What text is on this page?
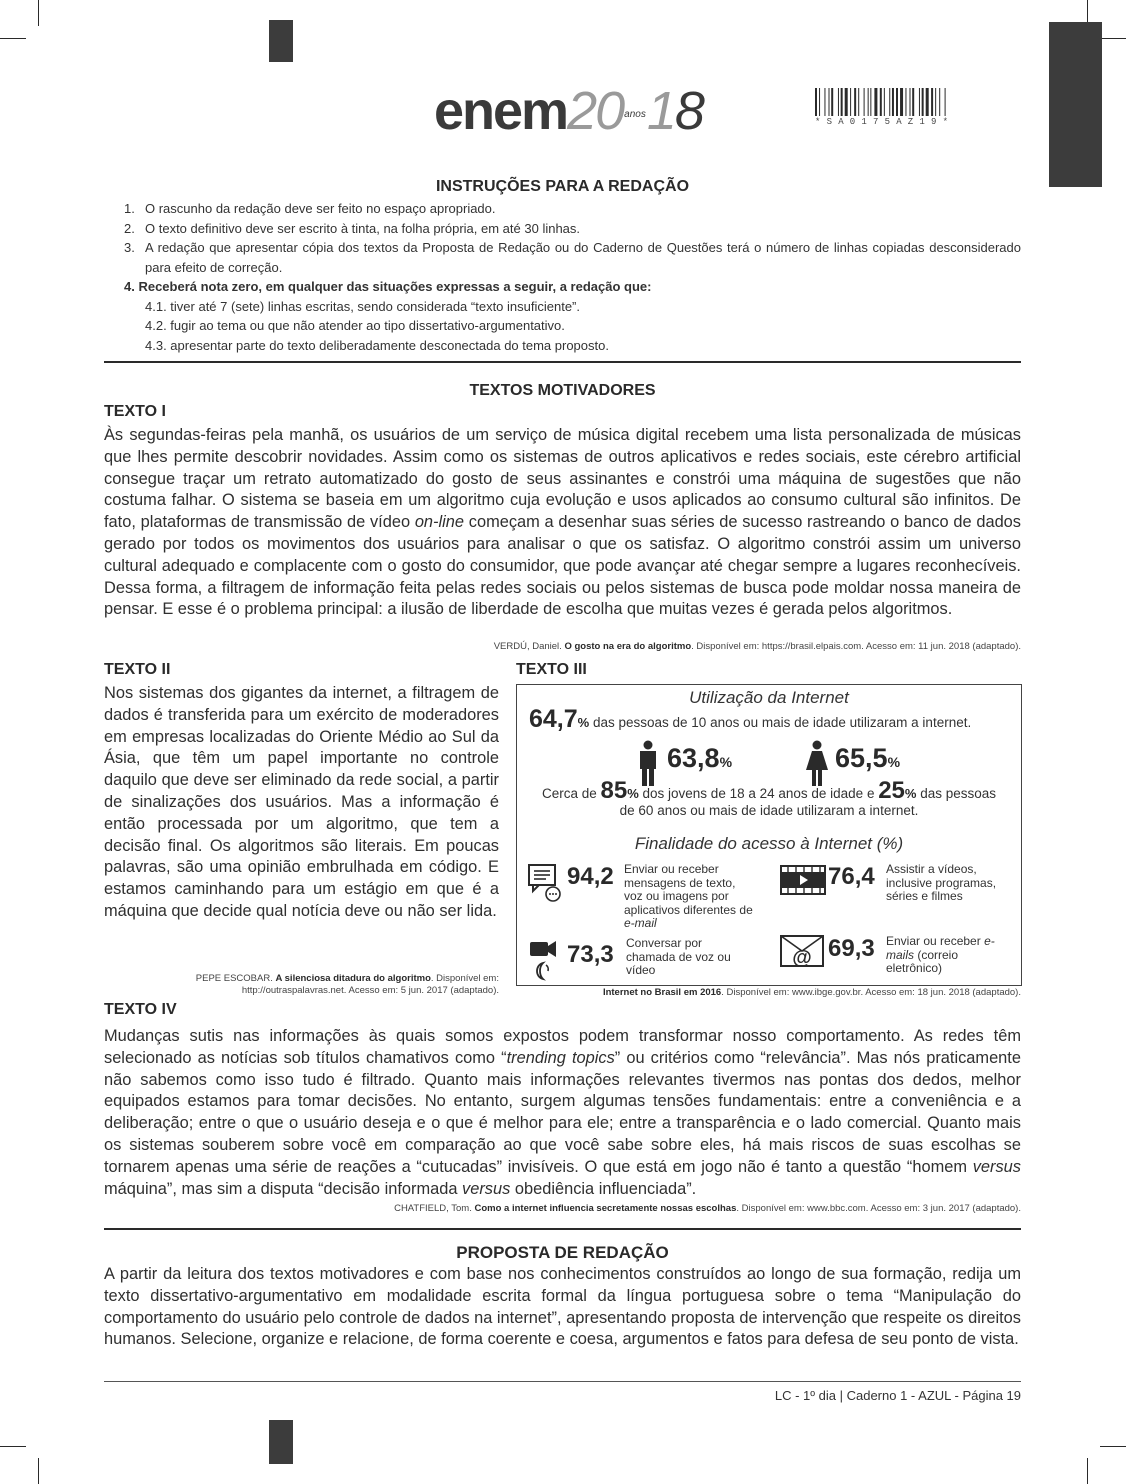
enem20anos18	*SA0175AZ19*
INSTRUÇÕES PARA A REDAÇÃO
1. O rascunho da redação deve ser feito no espaço apropriado.
2. O texto definitivo deve ser escrito à tinta, na folha própria, em até 30 linhas.
3. A redação que apresentar cópia dos textos da Proposta de Redação ou do Caderno de Questões terá o número de linhas copiadas desconsiderado para efeito de correção.
4. Receberá nota zero, em qualquer das situações expressas a seguir, a redação que:
4.1. tiver até 7 (sete) linhas escritas, sendo considerada “texto insuficiente”.
4.2. fugir ao tema ou que não atender ao tipo dissertativo-argumentativo.
4.3. apresentar parte do texto deliberadamente desconectada do tema proposto.
TEXTOS MOTIVADORES
TEXTO I
Às segundas-feiras pela manhã, os usuários de um serviço de música digital recebem uma lista personalizada de músicas que lhes permite descobrir novidades. Assim como os sistemas de outros aplicativos e redes sociais, este cérebro artificial consegue traçar um retrato automatizado do gosto de seus assinantes e constrói uma máquina de sugestões que não costuma falhar. O sistema se baseia em um algoritmo cuja evolução e usos aplicados ao consumo cultural são infinitos. De fato, plataformas de transmissão de vídeo on-line começam a desenhar suas séries de sucesso rastreando o banco de dados gerado por todos os movimentos dos usuários para analisar o que os satisfaz. O algoritmo constrói assim um universo cultural adequado e complacente com o gosto do consumidor, que pode avançar até chegar sempre a lugares reconhecíveis. Dessa forma, a filtragem de informação feita pelas redes sociais ou pelos sistemas de busca pode moldar nossa maneira de pensar. E esse é o problema principal: a ilusão de liberdade de escolha que muitas vezes é gerada pelos algoritmos.
VERDÚ, Daniel. O gosto na era do algoritmo. Disponível em: https://brasil.elpais.com. Acesso em: 11 jun. 2018 (adaptado).
TEXTO II
Nos sistemas dos gigantes da internet, a filtragem de dados é transferida para um exército de moderadores em empresas localizadas do Oriente Médio ao Sul da Ásia, que têm um papel importante no controle daquilo que deve ser eliminado da rede social, a partir de sinalizações dos usuários. Mas a informação é então processada por um algoritmo, que tem a decisão final. Os algoritmos são literais. Em poucas palavras, são uma opinião embrulhada em código. E estamos caminhando para um estágio em que é a máquina que decide qual notícia deve ou não ser lida.
PEPE ESCOBAR. A silenciosa ditadura do algoritmo. Disponível em:
http://outraspalavras.net. Acesso em: 5 jun. 2017 (adaptado).
TEXTO III
Utilização da Internet
64,7% das pessoas de 10 anos ou mais de idade utilizaram a internet.
63,8%	65,5%
Cerca de 85% dos jovens de 18 a 24 anos de idade e 25% das pessoas
de 60 anos ou mais de idade utilizaram a internet.
Finalidade do acesso à Internet (%)
94,2 Enviar ou receber mensagens de texto, voz ou imagens por aplicativos diferentes de e-mail
76,4 Assistir a vídeos, inclusive programas, séries e filmes
73,3 Conversar por chamada de voz ou vídeo
@ 69,3 Enviar ou receber e-mails (correio eletrônico)
Internet no Brasil em 2016. Disponível em: www.ibge.gov.br. Acesso em: 18 jun. 2018 (adaptado).
TEXTO IV
Mudanças sutis nas informações às quais somos expostos podem transformar nosso comportamento. As redes têm selecionado as notícias sob títulos chamativos como “trending topics” ou critérios como “relevância”. Mas nós praticamente não sabemos como isso tudo é filtrado. Quanto mais informações relevantes tivermos nas pontas dos dedos, melhor equipados estamos para tomar decisões. No entanto, surgem algumas tensões fundamentais: entre a conveniência e a deliberação; entre o que o usuário deseja e o que é melhor para ele; entre a transparência e o lado comercial. Quanto mais os sistemas souberem sobre você em comparação ao que você sabe sobre eles, há mais riscos de suas escolhas se tornarem apenas uma série de reações a “cutucadas” invisíveis. O que está em jogo não é tanto a questão “homem versus máquina”, mas sim a disputa “decisão informada versus obediência influenciada”.
CHATFIELD, Tom. Como a internet influencia secretamente nossas escolhas. Disponível em: www.bbc.com. Acesso em: 3 jun. 2017 (adaptado).
PROPOSTA DE REDAÇÃO
A partir da leitura dos textos motivadores e com base nos conhecimentos construídos ao longo de sua formação, redija um texto dissertativo-argumentativo em modalidade escrita formal da língua portuguesa sobre o tema “Manipulação do comportamento do usuário pelo controle de dados na internet”, apresentando proposta de intervenção que respeite os direitos humanos. Selecione, organize e relacione, de forma coerente e coesa, argumentos e fatos para defesa de seu ponto de vista.
LC - 1º dia | Caderno 1 - AZUL - Página 19
